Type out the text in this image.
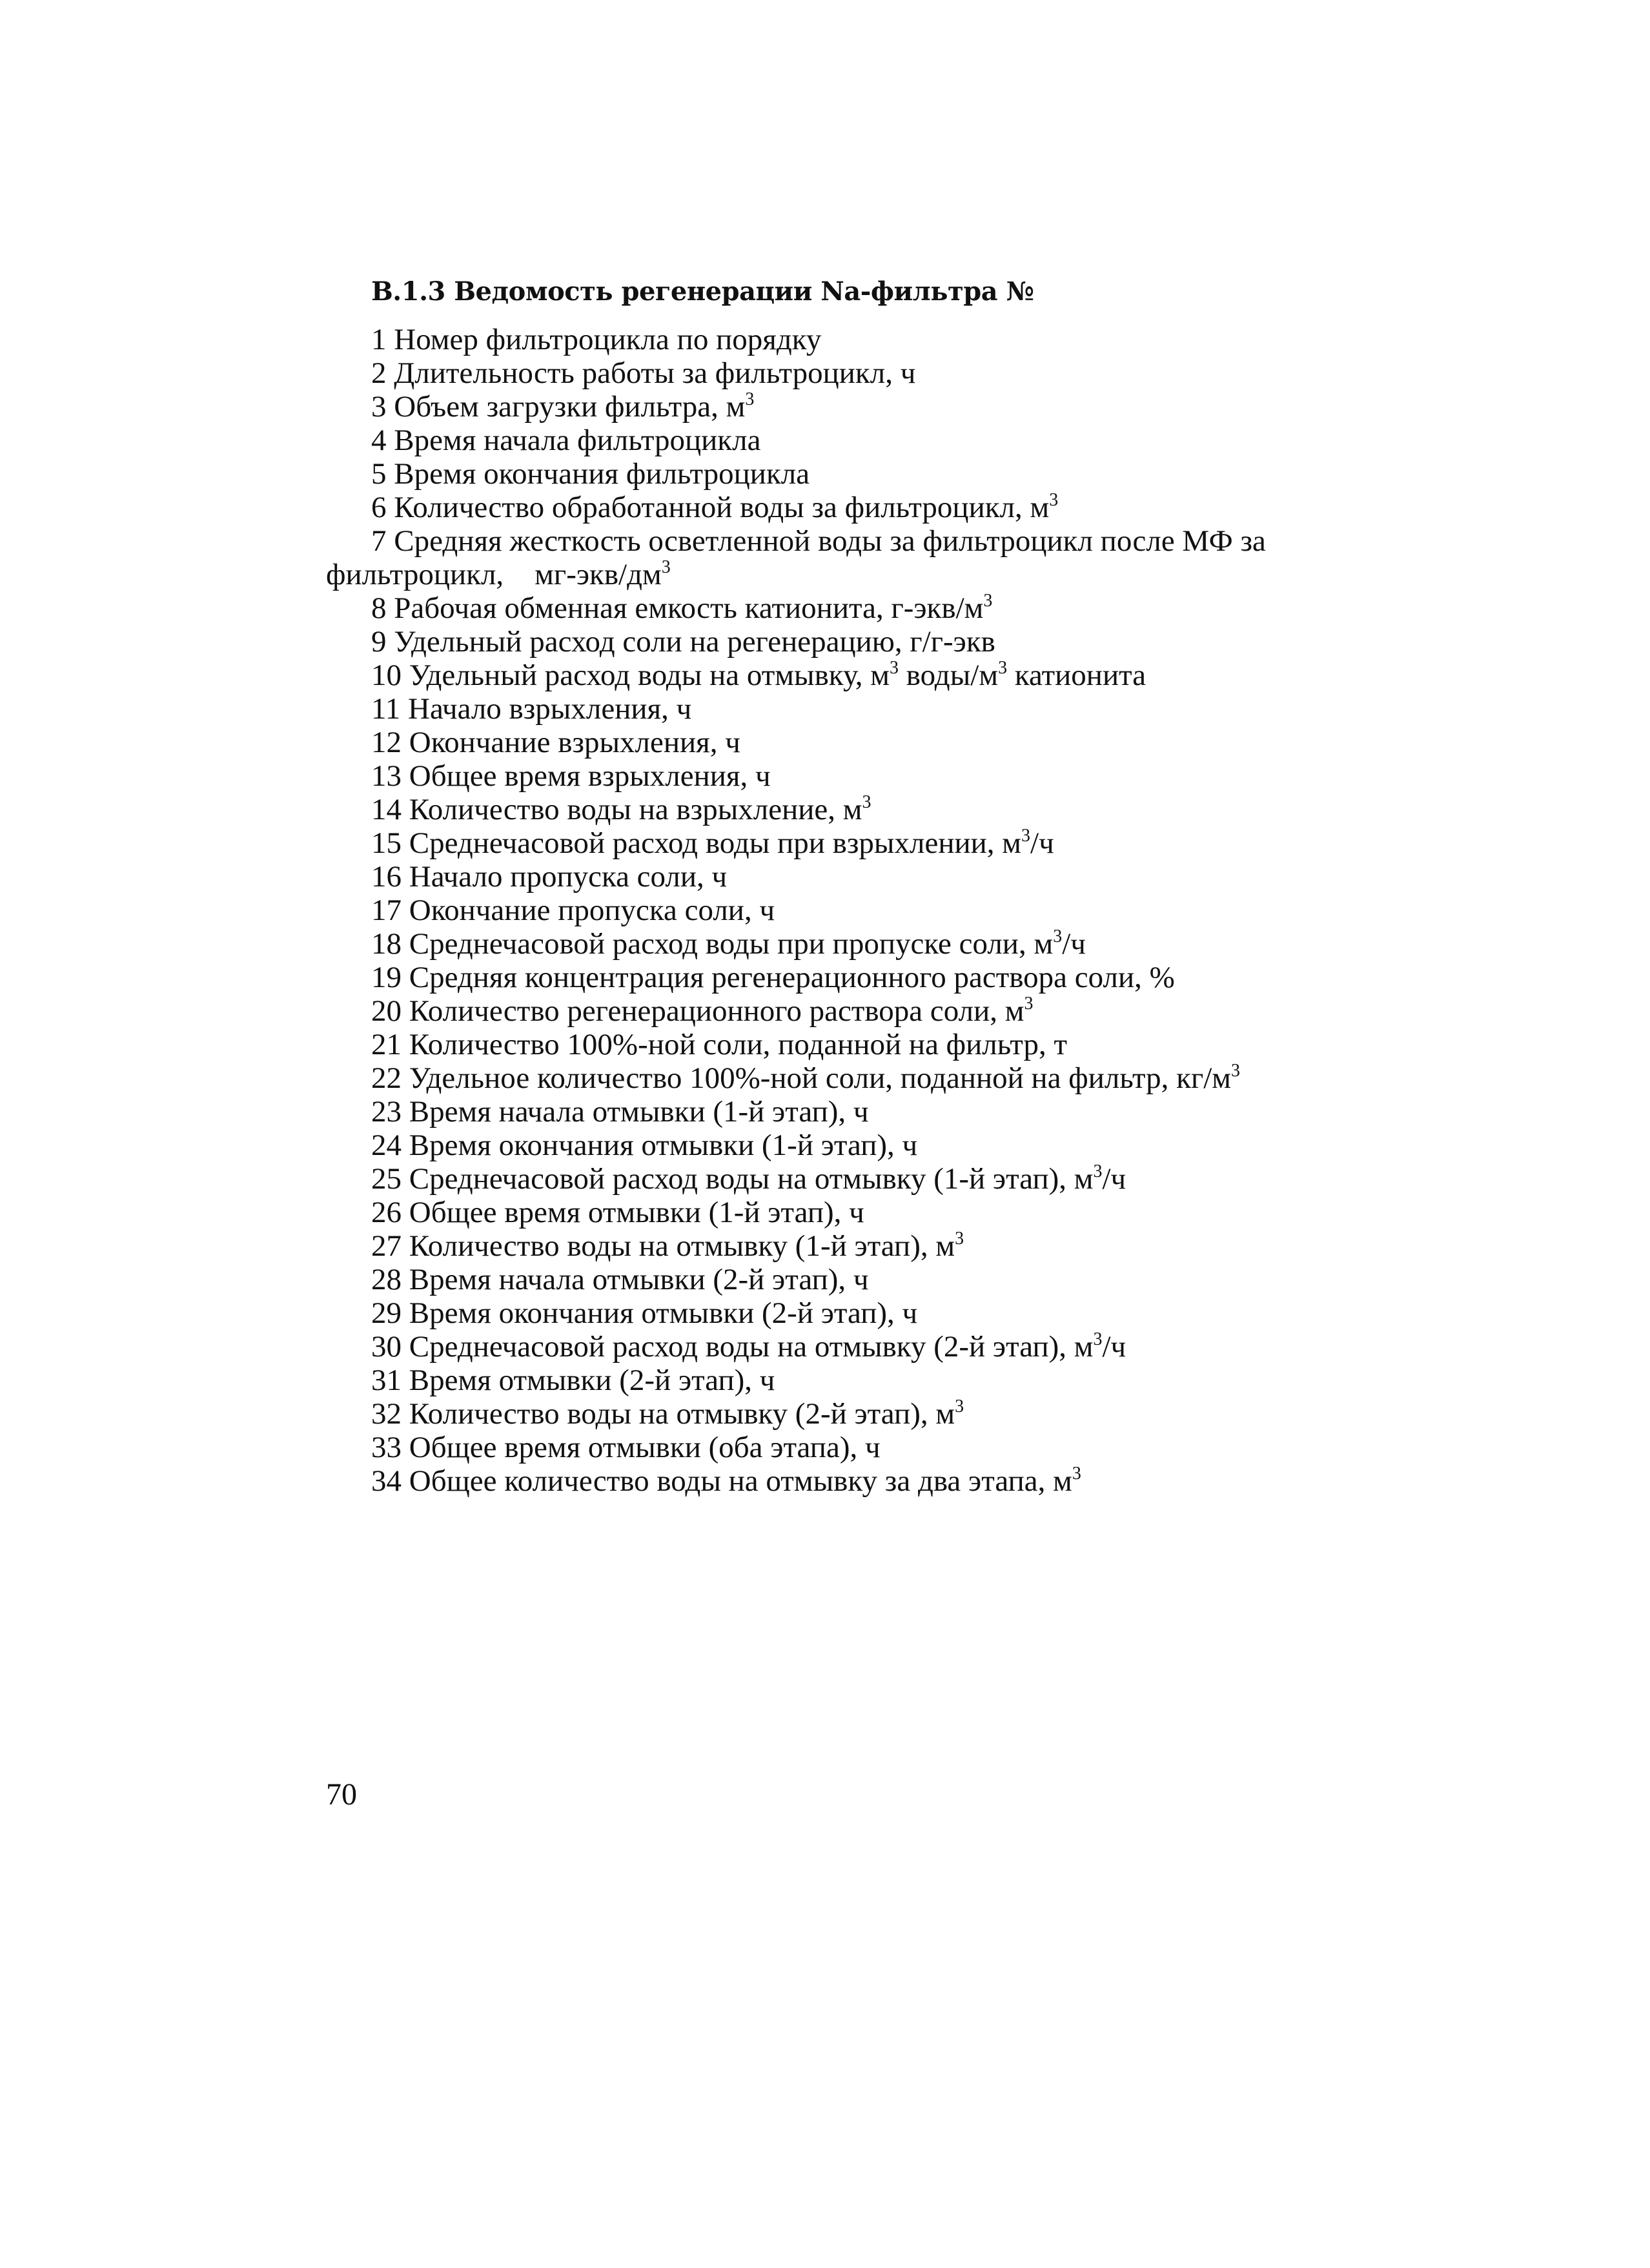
В.1.3 Ведомость регенерации Na-фильтра №
1 Номер фильтроцикла по порядку
2 Длительность работы за фильтроцикл, ч
3 Объем загрузки фильтра, $м^3$
4 Время начала фильтроцикла
5 Время окончания фильтроцикла
6 Количество обработанной воды за фильтроцикл, $м^3$
7 Средняя жесткость осветленной воды за фильтроцикл после МФ за
фильтроцикл, $мг-экв/дм^3$
8 Рабочая обменная емкость катионита, $г-экв/м^3$
9 Удельный расход соли на регенерацию, г/г-экв
10 Удельный расход воды на отмывку, $м^3$ воды/$м^3$ катионита
11 Начало взрыхления, ч
12 Окончание взрыхления, ч
13 Общее время взрыхления, ч
14 Количество воды на взрыхление, $м^3$
15 Среднечасовой расход воды при взрыхлении, $м^3/ч$
16 Начало пропуска соли, ч
17 Окончание пропуска соли, ч
18 Среднечасовой расход воды при пропуске соли, $м^3/ч$
19 Средняя концентрация регенерационного раствора соли, %
20 Количество регенерационного раствора соли, $м^3$
21 Количество 100%-ной соли, поданной на фильтр, т
22 Удельное количество 100%-ной соли, поданной на фильтр, $кг/м^3$
23 Время начала отмывки (1-й этап), ч
24 Время окончания отмывки (1-й этап), ч
25 Среднечасовой расход воды на отмывку (1-й этап), $м^3/ч$
26 Общее время отмывки (1-й этап), ч
27 Количество воды на отмывку (1-й этап), $м^3$
28 Время начала отмывки (2-й этап), ч
29 Время окончания отмывки (2-й этап), ч
30 Среднечасовой расход воды на отмывку (2-й этап), $м^3/ч$
31 Время отмывки (2-й этап), ч
32 Количество воды на отмывку (2-й этап), $м^3$
33 Общее время отмывки (оба этапа), ч
34 Общее количество воды на отмывку за два этапа, $м^3$
70
